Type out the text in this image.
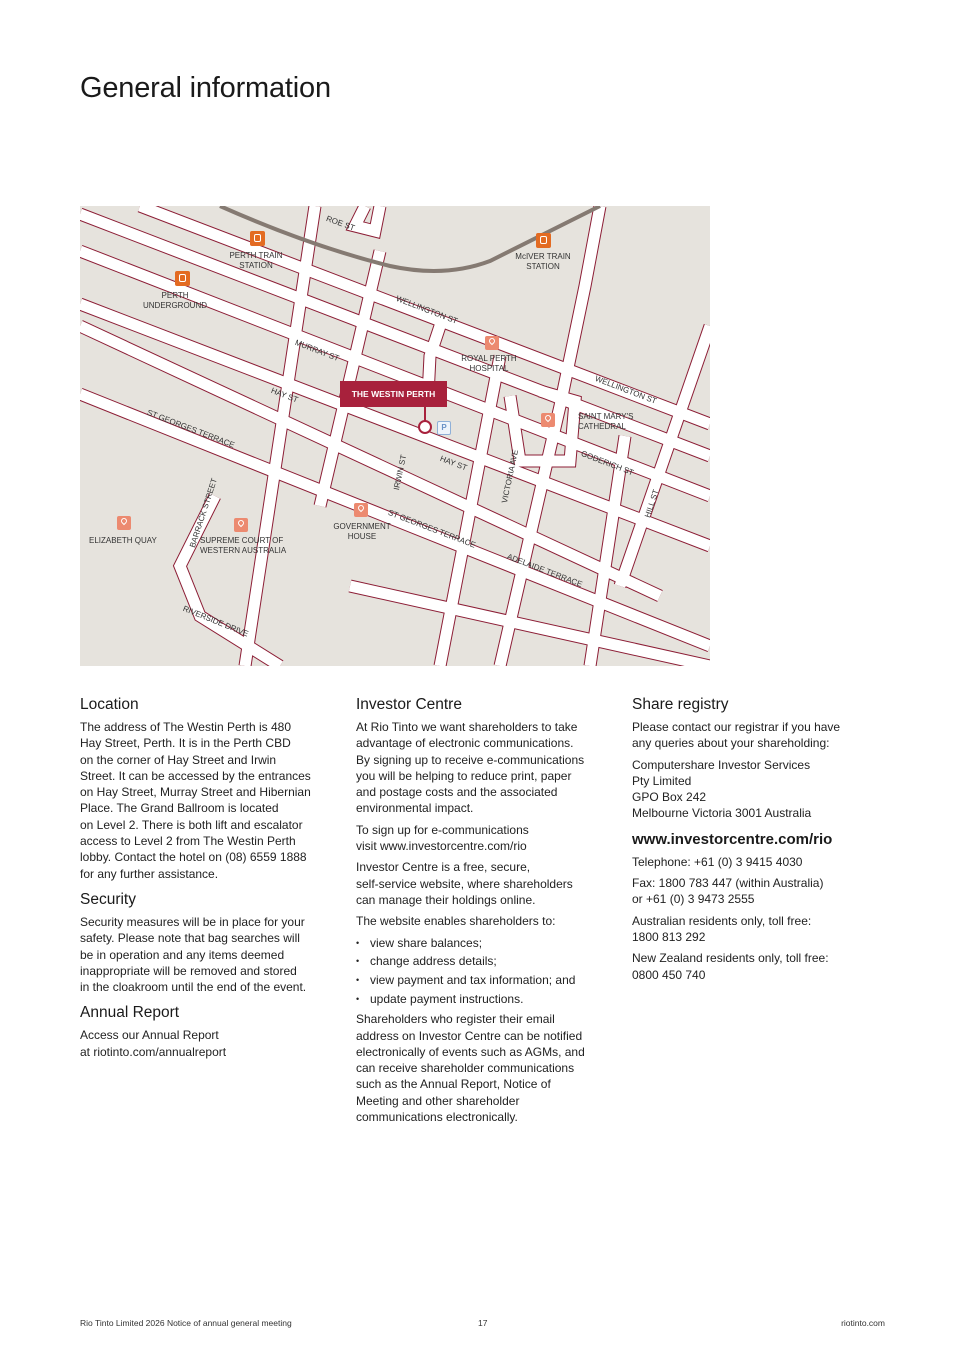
General information
ROE ST
WELLINGTON ST
WELLINGTON ST
MURRAY ST
HAY ST
HAY ST
ST GEORGES TERRACE
ST GEORGES TERRACE
IRWIN ST	VICTORIA AVE	GODERICH ST
HILL ST
BARRACK STREET
ADELAIDE TERRACE
RIVERSIDE DRIVE
PERTH TRAIN
STATION
PERTH
UNDERGROUND
McIVER TRAIN
STATION
ROYAL PERTH
HOSPITAL
SAINT MARY'S
CATHEDRAL
GOVERNMENT
HOUSE
ELIZABETH QUAY	SUPREME COURT OF
WESTERN AUSTRALIA
THE WESTIN PERTH
P
Location

The address of The Westin Perth is 480
Hay Street, Perth. It is in the Perth CBD
on the corner of Hay Street and Irwin
Street. It can be accessed by the entrances
on Hay Street, Murray Street and Hibernian
Place. The Grand Ballroom is located
on Level 2. There is both lift and escalator
access to Level 2 from The Westin Perth
lobby. Contact the hotel on (08) 6559 1888
for any further assistance.

Security

Security measures will be in place for your
safety. Please note that bag searches will
be in operation and any items deemed
inappropriate will be removed and stored
in the cloakroom until the end of the event.

Annual Report

Access our Annual Report
at riotinto.com/annualreport

Investor Centre

At Rio Tinto we want shareholders to take
advantage of electronic communications.
By signing up to receive e-communications
you will be helping to reduce print, paper
and postage costs and the associated
environmental impact.

To sign up for e-communications
visit www.investorcentre.com/rio

Investor Centre is a free, secure,
self-service website, where shareholders
can manage their holdings online.

The website enables shareholders to:

• view share balances;
• change address details;
• view payment and tax information; and
• update payment instructions.

Shareholders who register their email
address on Investor Centre can be notified
electronically of events such as AGMs, and
can receive shareholder communications
such as the Annual Report, Notice of
Meeting and other shareholder
communications electronically.

Share registry

Please contact our registrar if you have
any queries about your shareholding:

Computershare Investor Services
Pty Limited
GPO Box 242
Melbourne Victoria 3001 Australia

www.investorcentre.com/rio

Telephone: +61 (0) 3 9415 4030

Fax: 1800 783 447 (within Australia)
or +61 (0) 3 9473 2555

Australian residents only, toll free:
1800 813 292

New Zealand residents only, toll free:
0800 450 740

Rio Tinto Limited 2026 Notice of annual general meeting	17	riotinto.com
